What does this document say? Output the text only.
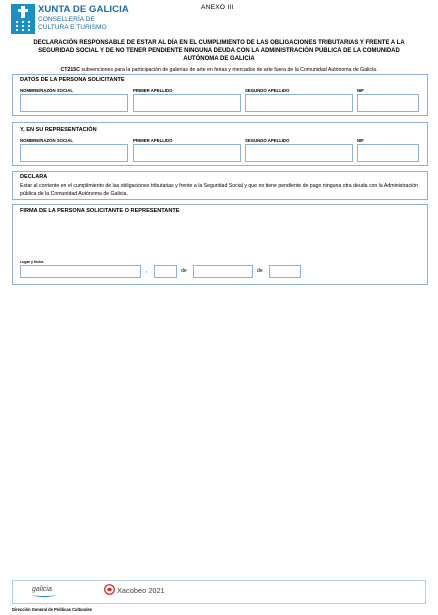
XUNTA DE GALICIA
CONSELLERÍA DE CULTURA E TURISMO
ANEXO III
DECLARACIÓN RESPONSABLE DE ESTAR AL DÍA EN EL CUMPLIMIENTO DE LAS OBLIGACIONES TRIBUTARIAS Y FRENTE A LA SEGURIDAD SOCIAL Y DE NO TENER PENDIENTE NINGUNA DEUDA CON LA ADMINISTRACIÓN PÚBLICA DE LA COMUNIDAD AUTÓNOMA DE GALICIA
CT215C subvenciones para la participación de galerías de arte en ferias y mercados de arte fuera de la Comunidad Autónoma de Galicia.
DATOS DE LA PERSONA SOLICITANTE
NOMBRE/RAZÓN SOCIAL	PRIMER APELLIDO	SEGUNDO APELLIDO	NIF
Y, EN SU REPRESENTACIÓN
NOMBRE/RAZÓN SOCIAL	PRIMER APELLIDO	SEGUNDO APELLIDO	NIF
DECLARA
Estar al corriente en el cumplimiento de las obligaciones tributarias y frente a la Seguridad Social y que no tiene pendiente de pago ninguna otra deuda con la Administración pública de la Comunidad Autónoma de Galicia.
FIRMA DE LA PERSONA SOLICITANTE O REPRESENTANTE
Lugar y fecha
,	de	de
galicia	Xacobeo 2021
Dirección General de Políticas Culturales
